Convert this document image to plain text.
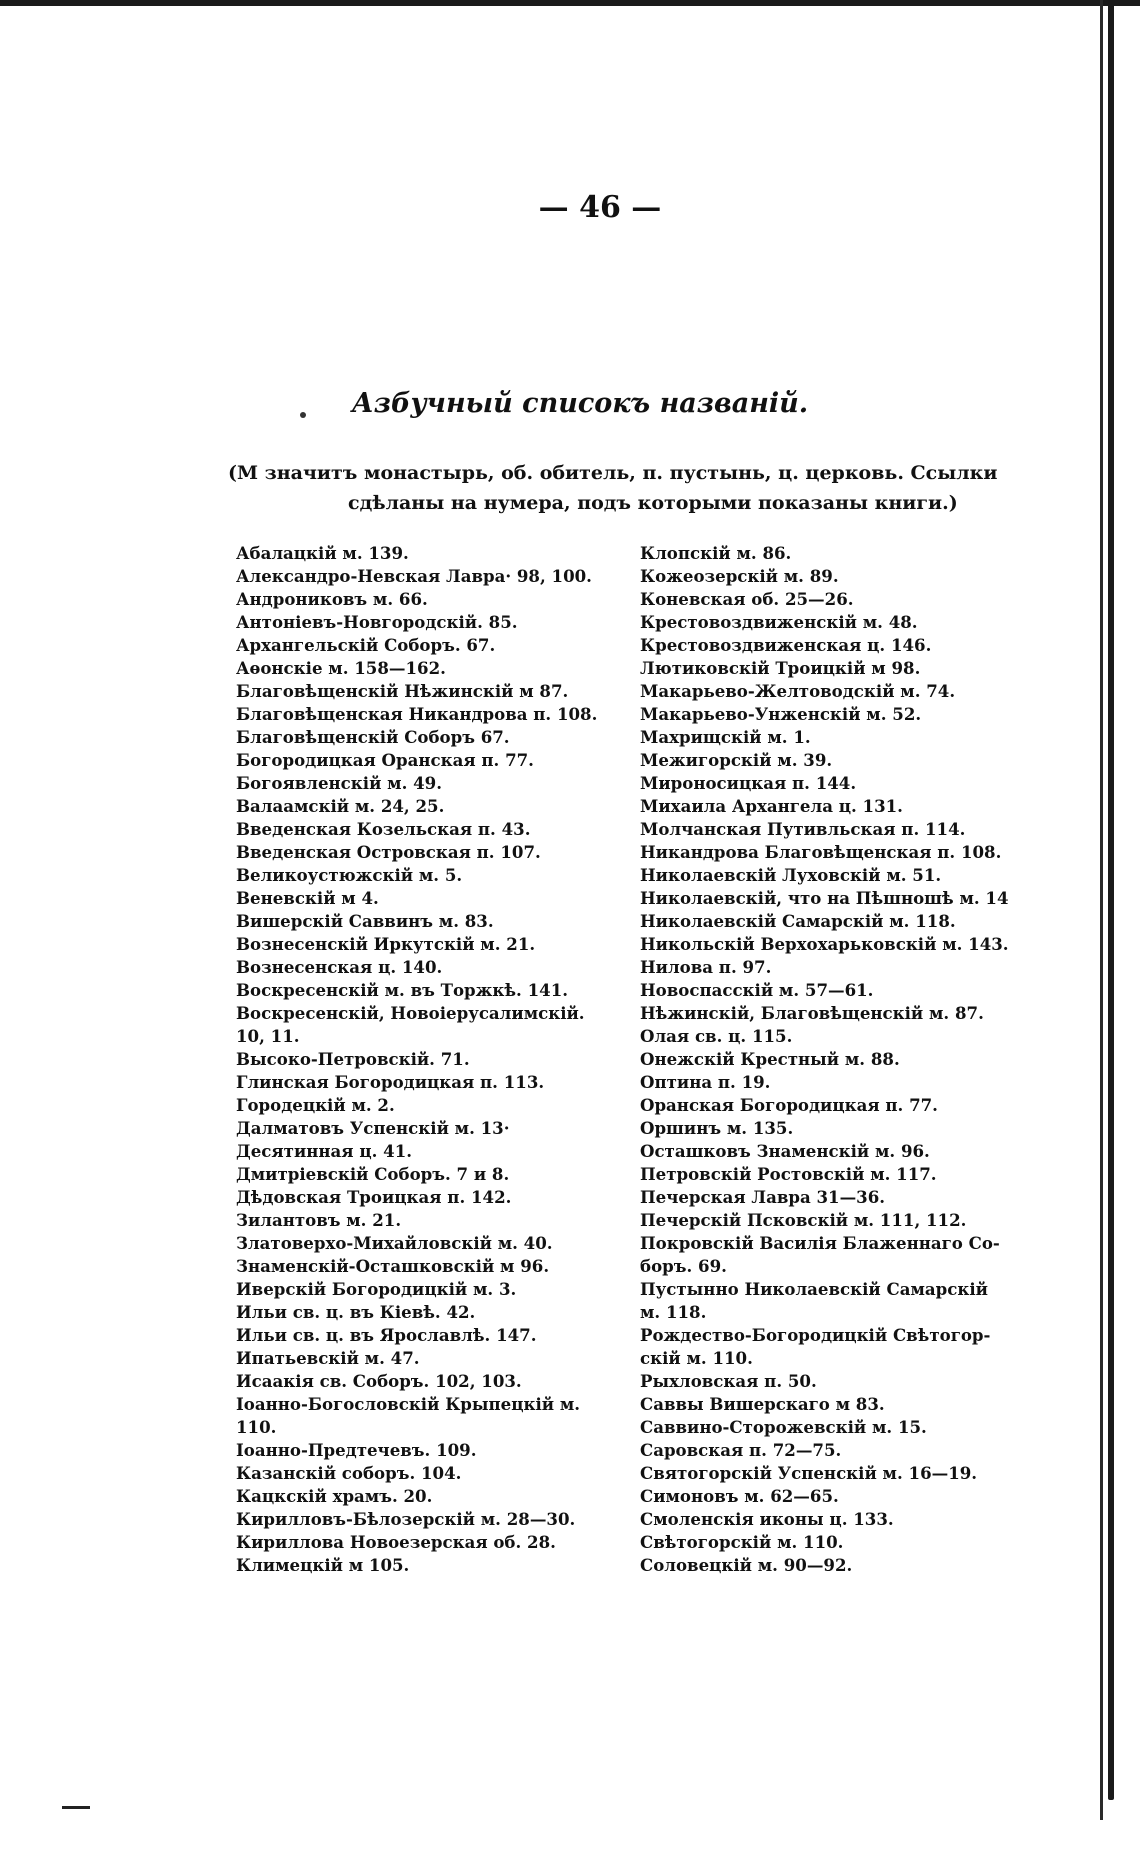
— 46 —
Азбучный списокъ названій.
(М значитъ монастырь, об. обитель, п. пустынь, ц. церковь. Ссылки
сдѣланы на нумера, подъ которыми показаны книги.)
Абалацкій м. 139.
Александро-Невская Лавра· 98, 100.
Андрониковъ м. 66.
Антоніевъ-Новгородскій. 85.
Архангельскій Соборъ. 67.
Аѳонскіе м. 158—162.
Благовѣщенскій Нѣжинскій м 87.
Благовѣщенская Никандрова п. 108.
Благовѣщенскій Соборъ 67.
Богородицкая Оранская п. 77.
Богоявленскій м. 49.
Валаамскій м. 24, 25.
Введенская Козельская п. 43.
Введенская Островская п. 107.
Великоустюжскій м. 5.
Веневскій м 4.
Вишерскій Саввинъ м. 83.
Вознесенскій Иркутскій м. 21.
Вознесенская ц. 140.
Воскресенскій м. въ Торжкѣ. 141.
Воскресенскій, Новоіерусалимскій.
10, 11.
Высоко-Петровскій. 71.
Глинская Богородицкая п. 113.
Городецкій м. 2.
Далматовъ Успенскій м. 13·
Десятинная ц. 41.
Дмитріевскій Соборъ. 7 и 8.
Дѣдовская Троицкая п. 142.
Зилантовъ м. 21.
Златоверхо-Михайловскій м. 40.
Знаменскій-Осташковскій м 96.
Иверскій Богородицкій м. 3.
Ильи св. ц. въ Кіевѣ. 42.
Ильи св. ц. въ Ярославлѣ. 147.
Ипатьевскій м. 47.
Исаакія св. Соборъ. 102, 103.
Іоанно-Богословскій Крыпецкій м.
110.
Іоанно-Предтечевъ. 109.
Казанскій соборъ. 104.
Кацкскій храмъ. 20.
Кирилловъ-Бѣлозерскій м. 28—30.
Кириллова Новоезерская об. 28.
Климецкій м 105.
Клопскій м. 86.
Кожеозерскій м. 89.
Коневская об. 25—26.
Крестовоздвиженскій м. 48.
Крестовоздвиженская ц. 146.
Лютиковскій Троицкій м 98.
Макарьево-Желтоводскій м. 74.
Макарьево-Унженскій м. 52.
Махрищскій м. 1.
Межигорскій м. 39.
Мироносицкая п. 144.
Михаила Архангела ц. 131.
Молчанская Путивльская п. 114.
Никандрова Благовѣщенская п. 108.
Николаевскій Луховскій м. 51.
Николаевскій, что на Пѣшношѣ м. 14
Николаевскій Самарскій м. 118.
Никольскій Верхохарьковскій м. 143.
Нилова п. 97.
Новоспасскій м. 57—61.
Нѣжинскій, Благовѣщенскій м. 87.
Олая св. ц. 115.
Онежскій Крестный м. 88.
Оптина п. 19.
Оранская Богородицкая п. 77.
Оршинъ м. 135.
Осташковъ Знаменскій м. 96.
Петровскій Ростовскій м. 117.
Печерская Лавра 31—36.
Печерскій Псковскій м. 111, 112.
Покровскій Василія Блаженнаго Со-
боръ. 69.
Пустынно Николаевскій Самарскій
м. 118.
Рождество-Богородицкій Свѣтогор-
скій м. 110.
Рыхловская п. 50.
Саввы Вишерскаго м 83.
Саввино-Сторожевскій м. 15.
Саровская п. 72—75.
Святогорскій Успенскій м. 16—19.
Симоновъ м. 62—65.
Смоленскія иконы ц. 133.
Свѣтогорскій м. 110.
Соловецкій м. 90—92.
